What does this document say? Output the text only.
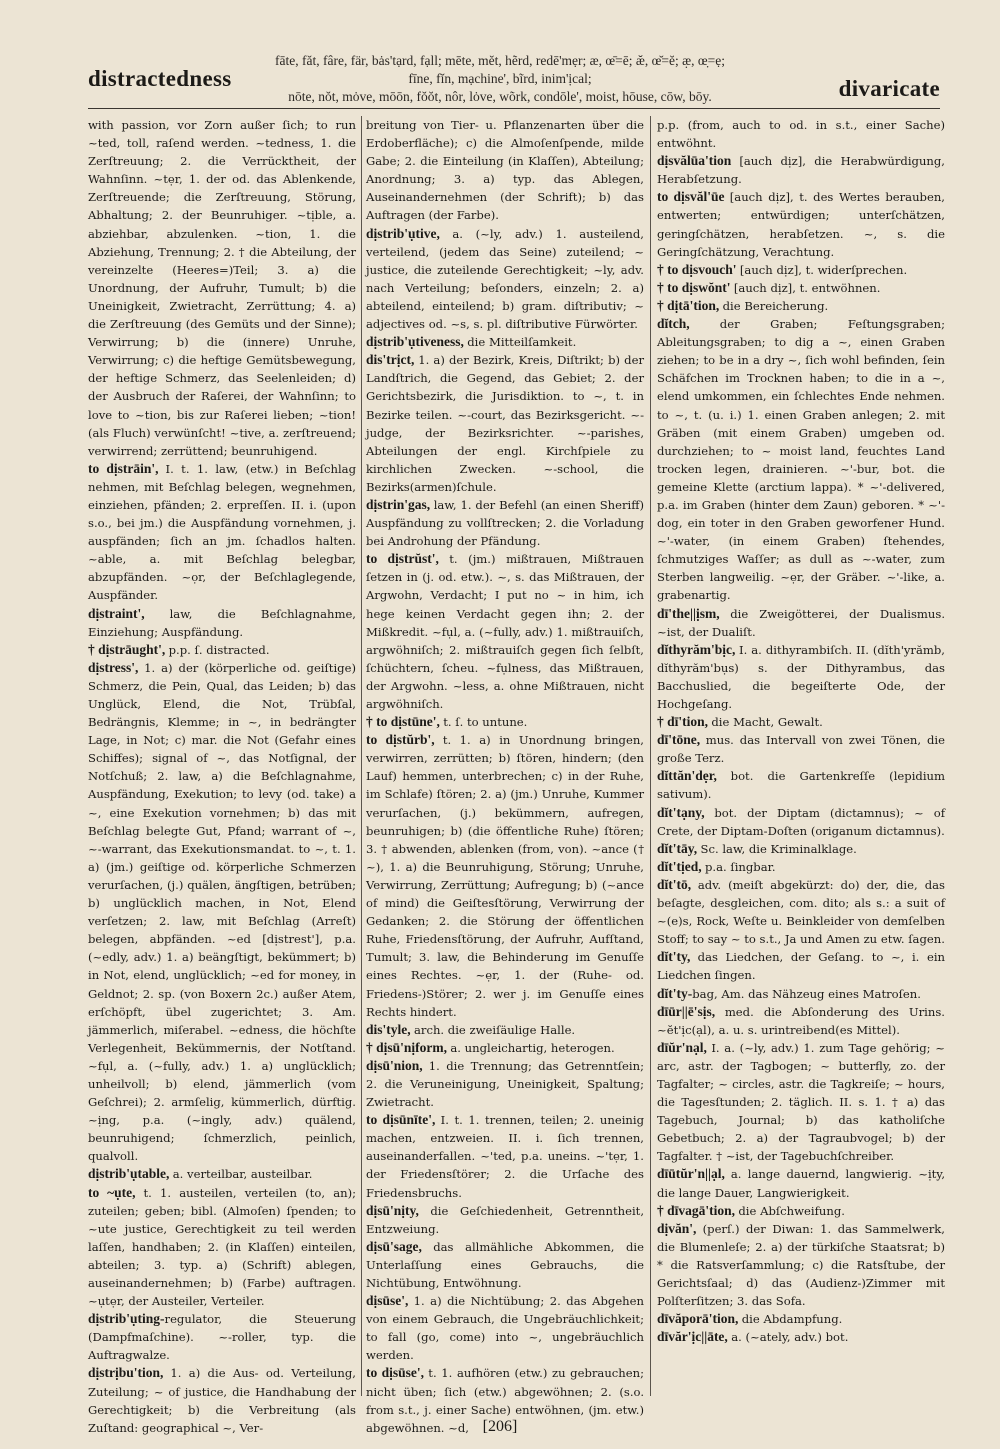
distractedness
fāte, făt, fâre, fär, bȧs'tạrd, fạll; mēte, mĕt, hẽrd, redē'mẹr; æ, œ̄=ē; æ̆, œ̆=ĕ; æ̣, œ̣=ẹ;
fīne, fĭn, mạchine', bĩrd, inim'ịcal;
nōte, nŏt, mȯve, mōōn, fŏŏt, nôr, lȯve, wõrk, condōle', moist, hōuse, cōw, bōy.	divaricate

with passion, vor Zorn außer ſich; to run ~ted, toll, raſend werden. ~tedness, 1. die Zerſtreuung; 2. die Verrücktheit, der Wahnſinn. ~tẹr, 1. der od. das Ablenkende, Zerſtreuende; die Zerſtreuung, Störung, Abhaltung; 2. der Beunruhiger. ~tịble, a. abziehbar, abzulenken. ~tion, 1. die Abziehung, Trennung; 2. † die Abteilung, der vereinzelte (Heeres=)Teil; 3. a) die Unordnung, der Aufruhr, Tumult; b) die Uneinigkeit, Zwietracht, Zerrüttung; 4. a) die Zerſtreuung (des Gemüts und der Sinne); Verwirrung; b) die (innere) Unruhe, Verwirrung; c) die heftige Gemütsbewegung, der heftige Schmerz, das Seelenleiden; d) der Ausbruch der Raſerei, der Wahnſinn; to love to ~tion, bis zur Raſerei lieben; ~tion! (als Fluch) verwünſcht! ~tive, a. zerſtreuend; verwirrend; zerrüttend; beunruhigend.

to dịstrāin', I. t. 1. law, (etw.) in Beſchlag nehmen, mit Beſchlag belegen, wegnehmen, einziehen, pfänden; 2. erpreſſen. II. i. (upon s.o., bei jm.) die Auspfändung vornehmen, j. auspfänden; ſich an jm. ſchadlos halten. ~able, a. mit Beſchlag belegbar, abzupfänden. ~ọr, der Beſchlaglegende, Auspfänder.

dịstraint', law, die Beſchlagnahme, Einziehung; Auspfändung.

† dịstrāught', p.p. ſ. distracted.

dịstress', 1. a) der (körperliche od. geiſtige) Schmerz, die Pein, Qual, das Leiden; b) das Unglück, Elend, die Not, Trübſal, Bedrängnis, Klemme; in ~, in bedrängter Lage, in Not; c) mar. die Not (Gefahr eines Schiffes); signal of ~, das Notſignal, der Notſchuß; 2. law, a) die Beſchlagnahme, Auspfändung, Exekution; to levy (od. take) a ~, eine Exekution vornehmen; b) das mit Beſchlag belegte Gut, Pfand; warrant of ~, ~-warrant, das Exekutionsmandat. to ~, t. 1. a) (jm.) geiſtige od. körperliche Schmerzen verurſachen, (j.) quälen, ängſtigen, betrüben; b) unglücklich machen, in Not, Elend verſetzen; 2. law, mit Beſchlag (Arreſt) belegen, abpfänden. ~ed [dịstrest'], p.a. (~edly, adv.) 1. a) beängſtigt, bekümmert; b) in Not, elend, unglücklich; ~ed for money, in Geldnot; 2. sp. (von Boxern 2c.) außer Atem, erſchöpft, übel zugerichtet; 3. Am. jämmerlich, miſerabel. ~edness, die höchſte Verlegenheit, Bekümmernis, der Notſtand. ~fụl, a. (~fully, adv.) 1. a) unglücklich; unheilvoll; b) elend, jämmerlich (vom Geſchrei); 2. armſelig, kümmerlich, dürftig. ~ịng, p.a. (~ingly, adv.) quälend, beunruhigend; ſchmerzlich, peinlich, qualvoll.

dịstrib'ụtable, a. verteilbar, austeilbar.

to ~ụte, t. 1. austeilen, verteilen (to, an); zuteilen; geben; bibl. (Almoſen) ſpenden; to ~ute justice, Gerechtigkeit zu teil werden laſſen, handhaben; 2. (in Klaſſen) einteilen, abteilen; 3. typ. a) (Schrift) ablegen, auseinandernehmen; b) (Farbe) auftragen. ~ụtẹr, der Austeiler, Verteiler.

dịstrib'ụting-regulator, die Steuerung (Dampfmaſchine). ~-roller, typ. die Auftragwalze.

dịstrịbu'tion, 1. a) die Aus- od. Verteilung, Zuteilung; ~ of justice, die Handhabung der Gerechtigkeit; b) die Verbreitung (als Zuſtand: geographical ~, Ver-

breitung von Tier- u. Pflanzenarten über die Erdoberfläche); c) die Almoſenſpende, milde Gabe; 2. die Einteilung (in Klaſſen), Abteilung; Anordnung; 3. a) typ. das Ablegen, Auseinandernehmen (der Schrift); b) das Auftragen (der Farbe).

dịstrib'ụtive, a. (~ly, adv.) 1. austeilend, verteilend, (jedem das Seine) zuteilend; ~ justice, die zuteilende Gerechtigkeit; ~ly, adv. nach Verteilung; beſonders, einzeln; 2. a) abteilend, einteilend; b) gram. diſtributiv; ~ adjectives od. ~s, s. pl. diſtributive Fürwörter.

dịstrib'ụtiveness, die Mitteilſamkeit.

dis'trịct, 1. a) der Bezirk, Kreis, Diſtrikt; b) der Landſtrich, die Gegend, das Gebiet; 2. der Gerichtsbezirk, die Jurisdiktion. to ~, t. in Bezirke teilen. ~-court, das Bezirksgericht. ~-judge, der Bezirksrichter. ~-parishes, Abteilungen der engl. Kirchſpiele zu kirchlichen Zwecken. ~-school, die Bezirks(armen)ſchule.

dịstrin'gas, law, 1. der Befehl (an einen Sheriff) Auspfändung zu vollſtrecken; 2. die Vorladung bei Androhung der Pfändung.

to dịstrŭst', t. (jm.) mißtrauen, Mißtrauen ſetzen in (j. od. etw.). ~, s. das Mißtrauen, der Argwohn, Verdacht; I put no ~ in him, ich hege keinen Verdacht gegen ihn; 2. der Mißkredit. ~fụl, a. (~fully, adv.) 1. mißtrauiſch, argwöhniſch; 2. mißtrauiſch gegen ſich ſelbſt, ſchüchtern, ſcheu. ~fụlness, das Mißtrauen, der Argwohn. ~less, a. ohne Mißtrauen, nicht argwöhniſch.

† to dịstūne', t. ſ. to untune.

to dịstŭrb', t. 1. a) in Unordnung bringen, verwirren, zerrütten; b) ſtören, hindern; (den Lauf) hemmen, unterbrechen; c) in der Ruhe, im Schlafe) ſtören; 2. a) (jm.) Unruhe, Kummer verurſachen, (j.) bekümmern, aufregen, beunruhigen; b) (die öffentliche Ruhe) ſtören; 3. † abwenden, ablenken (from, von). ~ance († ~), 1. a) die Beunruhigung, Störung; Unruhe, Verwirrung, Zerrüttung; Aufregung; b) (~ance of mind) die Geiſtesſtörung, Verwirrung der Gedanken; 2. die Störung der öffentlichen Ruhe, Friedensſtörung, der Aufruhr, Aufſtand, Tumult; 3. law, die Behinderung im Genuſſe eines Rechtes. ~ẹr, 1. der (Ruhe- od. Friedens-)Störer; 2. wer j. im Genuſſe eines Rechts hindert.

dis'tyle, arch. die zweiſäulige Halle.

† dịsū'nịform, a. ungleichartig, heterogen.

dịsū'nion, 1. die Trennung; das Getrenntſein; 2. die Veruneinigung, Uneinigkeit, Spaltung; Zwietracht.

to dịsūnīte', I. t. 1. trennen, teilen; 2. uneinig machen, entzweien. II. i. ſich trennen, auseinanderfallen. ~'ted, p.a. uneins. ~'tẹr, 1. der Friedensſtörer; 2. die Urſache des Friedensbruchs.

dịsū'nịty, die Geſchiedenheit, Getrenntheit, Entzweiung.

dịsū'sage, das allmähliche Abkommen, die Unterlaſſung eines Gebrauchs, die Nichtübung, Entwöhnung.

dịsūse', 1. a) die Nichtübung; 2. das Abgehen von einem Gebrauch, die Ungebräuchlichkeit; to fall (go, come) into ~, ungebräuchlich werden.

to dịsūse', t. 1. aufhören (etw.) zu gebrauchen; nicht üben; ſich (etw.) abgewöhnen; 2. (s.o. from s.t., j. einer Sache) entwöhnen, (jm. etw.) abgewöhnen. ~d,

p.p. (from, auch to od. in s.t., einer Sache) entwöhnt.

dịsvălūa'tion [auch dịz], die Herabwürdigung, Herabſetzung.

to dịsvăl'ūe [auch dịz], t. des Wertes berauben, entwerten; entwürdigen; unterſchätzen, geringſchätzen, herabſetzen. ~, s. die Geringſchätzung, Verachtung.

† to dịsvouch' [auch dịz], t. widerſprechen.

† to dịswŏnt' [auch dịz], t. entwöhnen.

† dịtā'tion, die Bereicherung.

dĭtch, der Graben; Feſtungsgraben; Ableitungsgraben; to dig a ~, einen Graben ziehen; to be in a dry ~, ſich wohl befinden, ſein Schäfchen im Trocknen haben; to die in a ~, elend umkommen, ein ſchlechtes Ende nehmen. to ~, t. (u. i.) 1. einen Graben anlegen; 2. mit Gräben (mit einem Graben) umgeben od. durchziehen; to ~ moist land, feuchtes Land trocken legen, drainieren. ~'-bur, bot. die gemeine Klette (arctium lappa). * ~'-delivered, p.a. im Graben (hinter dem Zaun) geboren. * ~'-dog, ein toter in den Graben geworfener Hund. ~'-water, (in einem Graben) ſtehendes, ſchmutziges Waſſer; as dull as ~-water, zum Sterben langweilig. ~ẹr, der Gräber. ~'-like, a. grabenartig.

dī'the||ịsm, die Zweigötterei, der Dualismus. ~ist, der Dualiſt.

dĭthyrăm'bịc, I. a. dithyrambiſch. II. (dĭth'yrămb, dĭthyrăm'bụs) s. der Dithyrambus, das Bacchuslied, die begeiſterte Ode, der Hochgeſang.

† dī'tion, die Macht, Gewalt.

dī'tōne, mus. das Intervall von zwei Tönen, die große Terz.

dĭttăn'dẹr, bot. die Gartenkreſſe (lepidium sativum).

dĭt'tạny, bot. der Diptam (dictamnus); ~ of Crete, der Diptam-Doſten (origanum dictamnus).

dĭt'tāy, Sc. law, die Kriminalklage.

dĭt'tịed, p.a. ſingbar.

dĭt'tō, adv. (meiſt abgekürzt: do) der, die, das beſagte, desgleichen, com. dito; als s.: a suit of ~(e)s, Rock, Weſte u. Beinkleider von demſelben Stoff; to say ~ to s.t., Ja und Amen zu etw. ſagen.

dĭt'ty, das Liedchen, der Geſang. to ~, i. ein Liedchen ſingen.

dĭt'ty-bag, Am. das Nähzeug eines Matroſen.

dīūr||ē'sịs, med. die Abſonderung des Urins. ~ĕt'ịc(ạl), a. u. s. urintreibend(es Mittel).

dīŭr'nạl, I. a. (~ly, adv.) 1. zum Tage gehörig; ~ arc, astr. der Tagbogen; ~ butterfly, zo. der Tagfalter; ~ circles, astr. die Tagkreiſe; ~ hours, die Tagesſtunden; 2. täglich. II. s. 1. † a) das Tagebuch, Journal; b) das katholiſche Gebetbuch; 2. a) der Tagraubvogel; b) der Tagfalter. † ~ist, der Tagebuchſchreiber.

dīūtŭr'n||ạl, a. lange dauernd, langwierig. ~ịty, die lange Dauer, Langwierigkeit.

† dīvagā'tion, die Abſchweifung.

dịvăn', (perſ.) der Diwan: 1. das Sammelwerk, die Blumenleſe; 2. a) der türkiſche Staatsrat; b) * die Ratsverſammlung; c) die Ratsſtube, der Gerichtsſaal; d) das (Audienz-)Zimmer mit Polſterſitzen; 3. das Sofa.

dīvăporā'tion, die Abdampfung.

dīvăr'ịc||āte, a. (~ately, adv.) bot.

[206]
